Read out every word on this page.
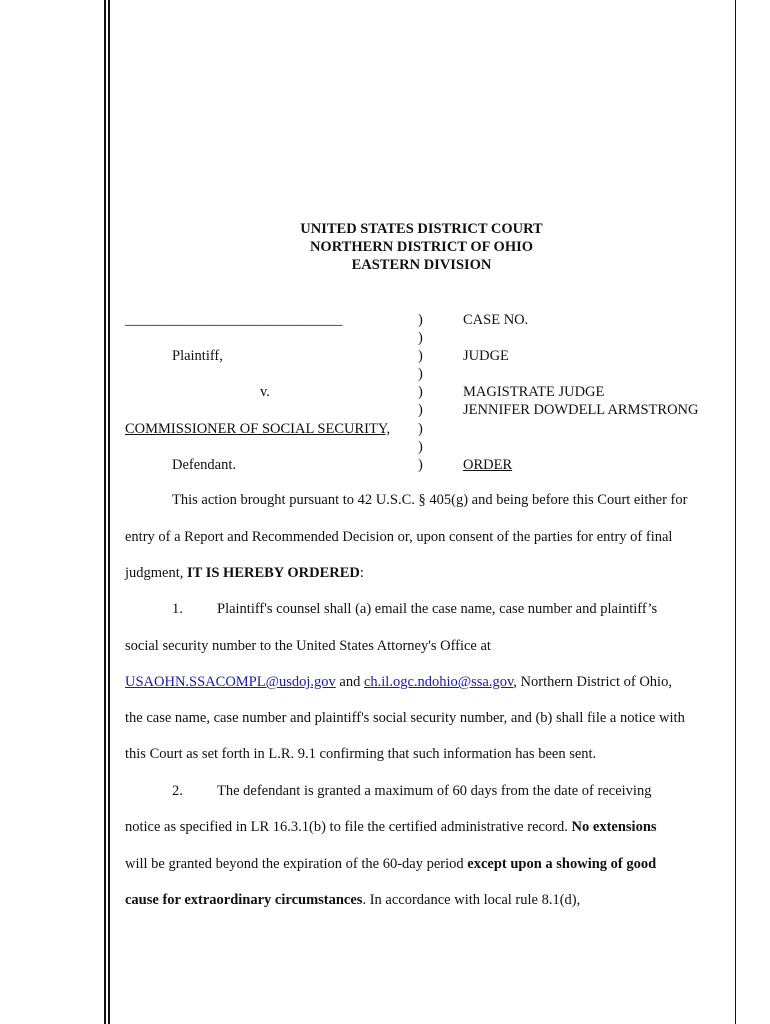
UNITED STATES DISTRICT COURT
NORTHERN DISTRICT OF OHIO
EASTERN DIVISION
______________________________
Plaintiff,
v.
COMMISSIONER OF SOCIAL SECURITY,
Defendant.
)
)
)
)
)
)
)
)
)
CASE NO.
JUDGE
MAGISTRATE JUDGE
JENNIFER DOWDELL ARMSTRONG
ORDER
This action brought pursuant to 42 U.S.C. § 405(g) and being before this Court either for
entry of a Report and Recommended Decision or, upon consent of the parties for entry of final
judgment, IT IS HEREBY ORDERED:
1. Plaintiff's counsel shall (a) email the case name, case number and plaintiff’s
social security number to the United States Attorney's Office at
USAOHN.SSACOMPL@usdoj.gov and ch.il.ogc.ndohio@ssa.gov, Northern District of Ohio,
the case name, case number and plaintiff's social security number, and (b) shall file a notice with
this Court as set forth in L.R. 9.1 confirming that such information has been sent.
2. The defendant is granted a maximum of 60 days from the date of receiving
notice as specified in LR 16.3.1(b) to file the certified administrative record. No extensions
will be granted beyond the expiration of the 60-day period except upon a showing of good
cause for extraordinary circumstances. In accordance with local rule 8.1(d),
